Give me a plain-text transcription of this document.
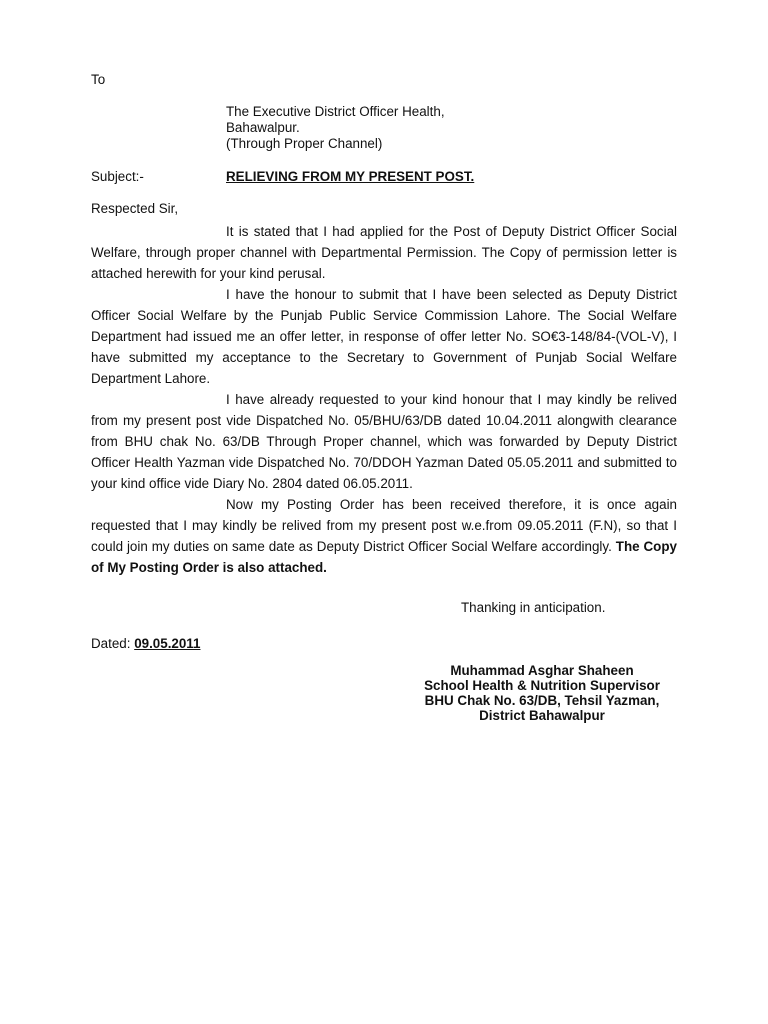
To
The Executive District Officer Health,
Bahawalpur.
(Through Proper Channel)
Subject:-	RELIEVING FROM MY PRESENT POST.
Respected Sir,

It is stated that I had applied for the Post of Deputy District Officer Social Welfare, through proper channel with Departmental Permission. The Copy of permission letter is attached herewith for your kind perusal.

I have the honour to submit that I have been selected as Deputy District Officer Social Welfare by the Punjab Public Service Commission Lahore. The Social Welfare Department had issued me an offer letter, in response of offer letter No. SO€3-148/84-(VOL-V), I have submitted my acceptance to the Secretary to Government of Punjab Social Welfare Department Lahore.

I have already requested to your kind honour that I may kindly be relived from my present post vide Dispatched No. 05/BHU/63/DB dated 10.04.2011 alongwith clearance from BHU chak No. 63/DB Through Proper channel, which was forwarded by Deputy District Officer Health Yazman vide Dispatched No. 70/DDOH Yazman Dated 05.05.2011 and submitted to your kind office vide Diary No. 2804 dated 06.05.2011.

Now my Posting Order has been received therefore, it is once again requested that I may kindly be relived from my present post w.e.from 09.05.2011 (F.N), so that I could join my duties on same date as Deputy District Officer Social Welfare accordingly. The Copy of My Posting Order is also attached.

Thanking in anticipation.
Dated: 09.05.2011
Muhammad Asghar Shaheen
School Health & Nutrition Supervisor
BHU Chak No. 63/DB, Tehsil Yazman,
District Bahawalpur
